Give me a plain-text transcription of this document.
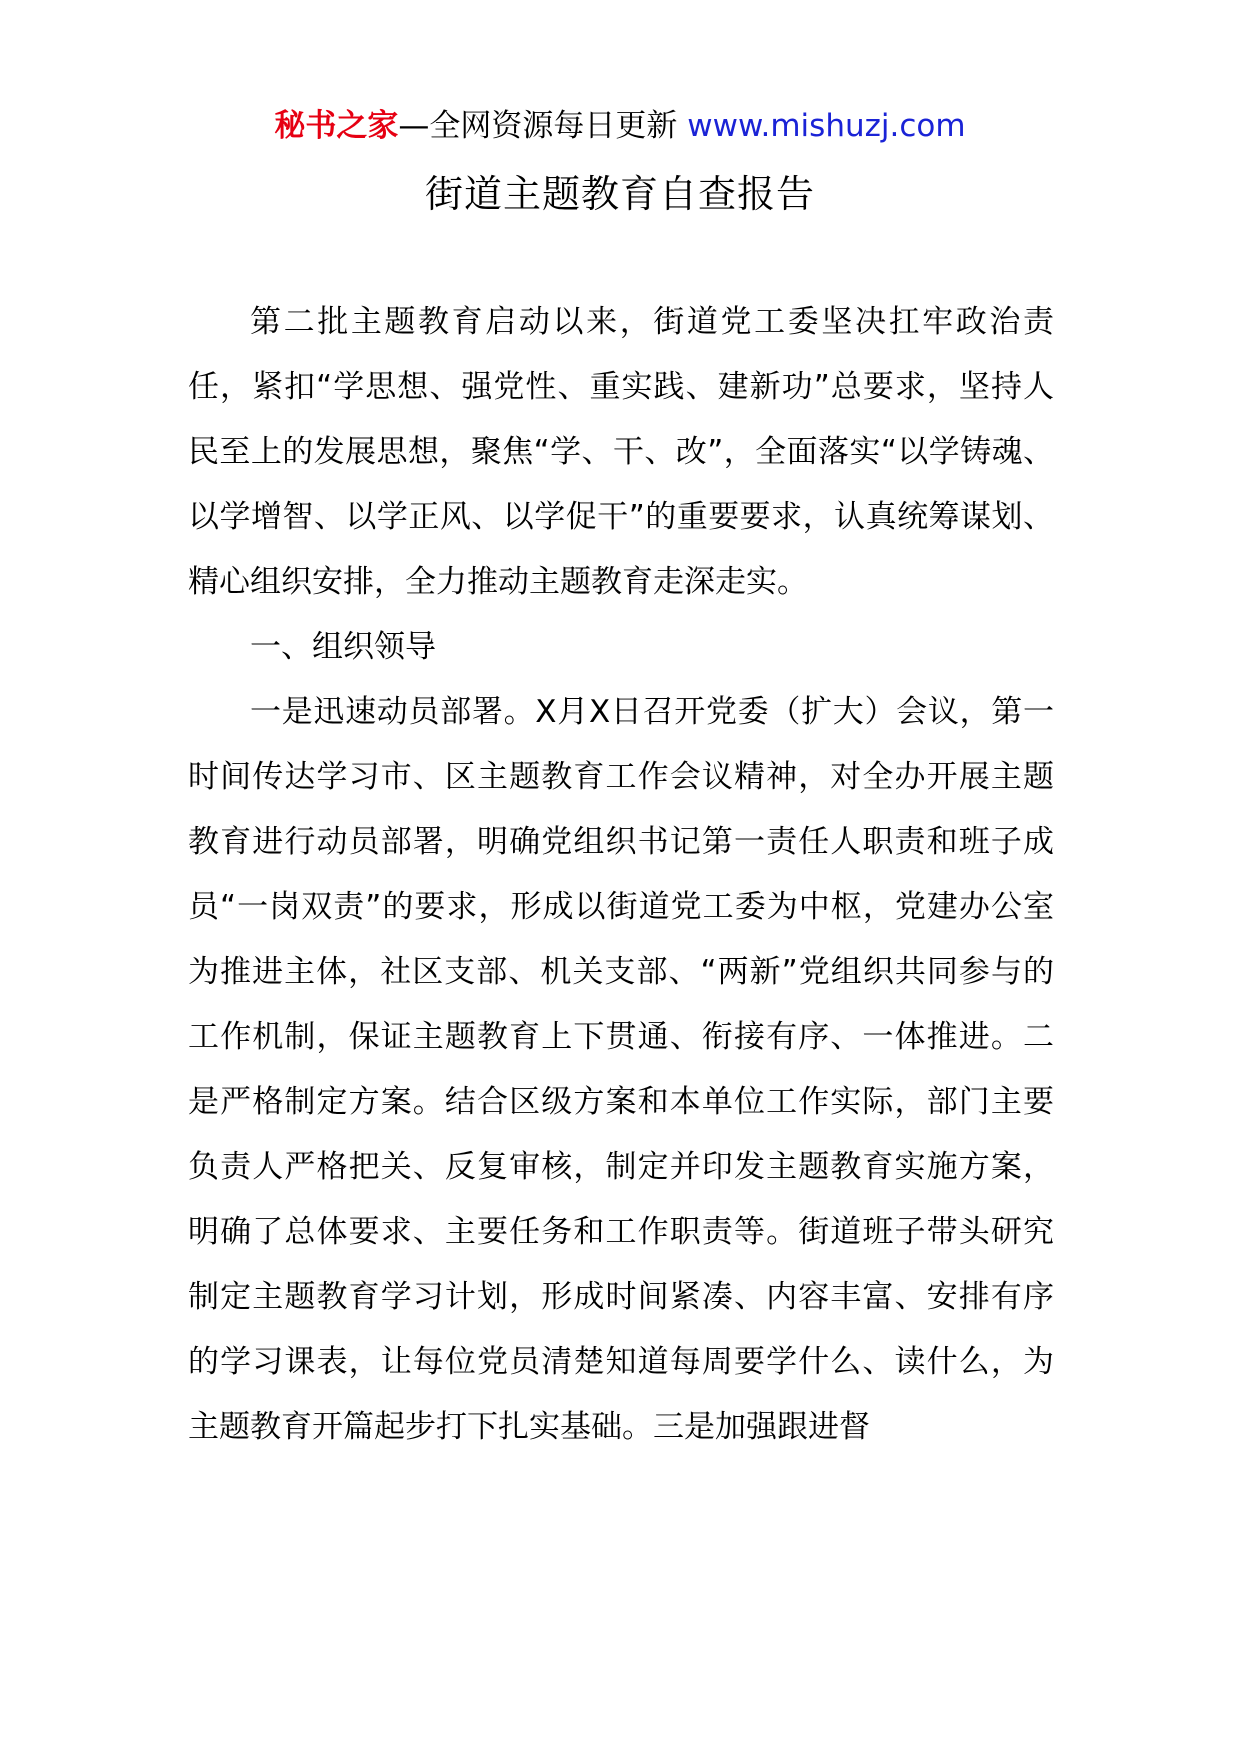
秘书之家—全网资源每日更新 www.mishuzj.com
街道主题教育自查报告

第二批主题教育启动以来，街道党工委坚决扛牢政治责任，紧扣“学思想、强党性、重实践、建新功”总要求，坚持人民至上的发展思想，聚焦“学、干、改”，全面落实“以学铸魂、以学增智、以学正风、以学促干”的重要要求，认真统筹谋划、精心组织安排，全力推动主题教育走深走实。

一、组织领导

一是迅速动员部署。X月X日召开党委（扩大）会议，第一时间传达学习市、区主题教育工作会议精神，对全办开展主题教育进行动员部署，明确党组织书记第一责任人职责和班子成员“一岗双责”的要求，形成以街道党工委为中枢，党建办公室为推进主体，社区支部、机关支部、“两新”党组织共同参与的工作机制，保证主题教育上下贯通、衔接有序、一体推进。二是严格制定方案。结合区级方案和本单位工作实际，部门主要负责人严格把关、反复审核，制定并印发主题教育实施方案，明确了总体要求、主要任务和工作职责等。街道班子带头研究制定主题教育学习计划，形成时间紧凑、内容丰富、安排有序的学习课表，让每位党员清楚知道每周要学什么、读什么，为主题教育开篇起步打下扎实基础。三是加强跟进督
